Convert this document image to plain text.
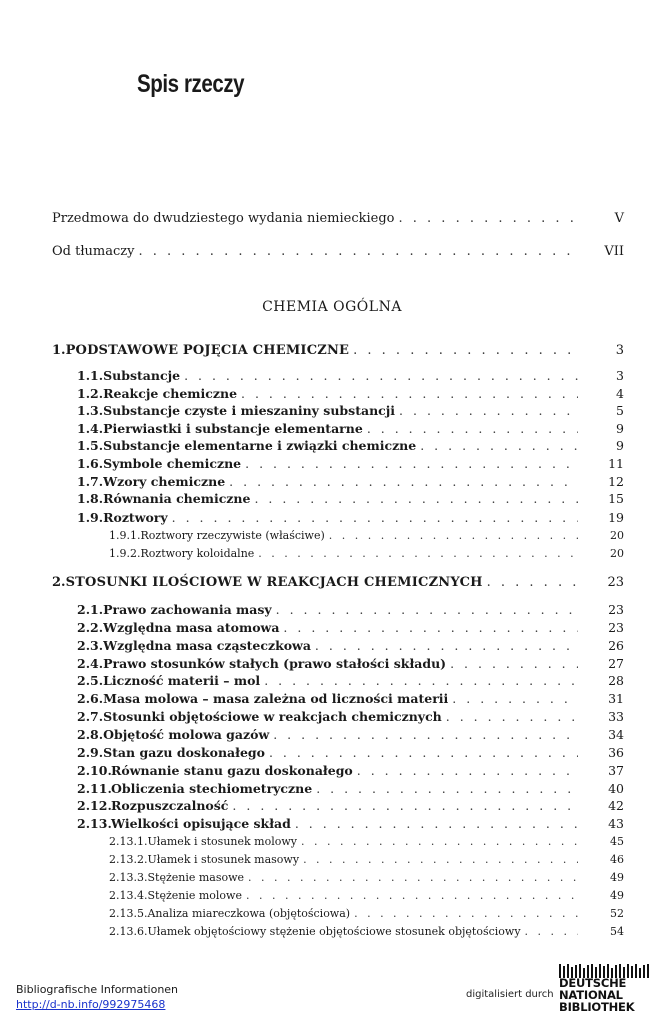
Spis rzeczy
Przedmowa do dwudziestego wydania niemieckiego . . .	V
Od tłumaczy . . .	VII
1. PODSTAWOWE POJĘCIA CHEMICZNE . . .	3
1.1. Substancje . . .	3
1.2. Reakcje chemiczne . . .	4
1.3. Substancje czyste i mieszaniny substancji . . .	5
1.4. Pierwiastki i substancje elementarne . . .	9
1.5. Substancje elementarne i związki chemiczne . . .	9
1.6. Symbole chemiczne . . .	11
1.7. Wzory chemiczne . . .	12
1.8. Równania chemiczne . . .	15
1.9. Roztwory . . .	19
1.9.1. Roztwory rzeczywiste (właściwe) . . .	20
1.9.2. Roztwory koloidalne . . .	20
2. STOSUNKI ILOŚCIOWE W REAKCJACH CHEMICZNYCH . . .	23
2.1. Prawo zachowania masy . . .	23
2.2. Względna masa atomowa . . .	23
2.3. Względna masa cząsteczkowa . . .	26
2.4. Prawo stosunków stałych (prawo stałości składu) . . .	27
2.5. Liczność materii – mol . . .	28
2.6. Masa molowa – masa zależna od liczności materii . . .	31
2.7. Stosunki objętościowe w reakcjach chemicznych . . .	33
2.8. Objętość molowa gazów . . .	34
2.9. Stan gazu doskonałego . . .	36
2.10. Równanie stanu gazu doskonałego . . .	37
2.11. Obliczenia stechiometryczne . . .	40
2.12. Rozpuszczalność . . .	42
2.13. Wielkości opisujące skład . . .	43
2.13.1. Ułamek i stosunek molowy . . .	45
2.13.2. Ułamek i stosunek masowy . . .	46
2.13.3. Stężenie masowe . . .	49
2.13.4. Stężenie molowe . . .	49
2.13.5. Analiza miareczkowa (objętościowa) . . .	52
2.13.6. Ułamek objętościowy stężenie objętościowe stosunek objętościowy . . .	54
CHEMIA OGÓLNA
Bibliografische Informationen
http://d-nb.info/992975468
digitalisiert durch
DEUTSCHE
NATIONAL
BIBLIOTHEK
